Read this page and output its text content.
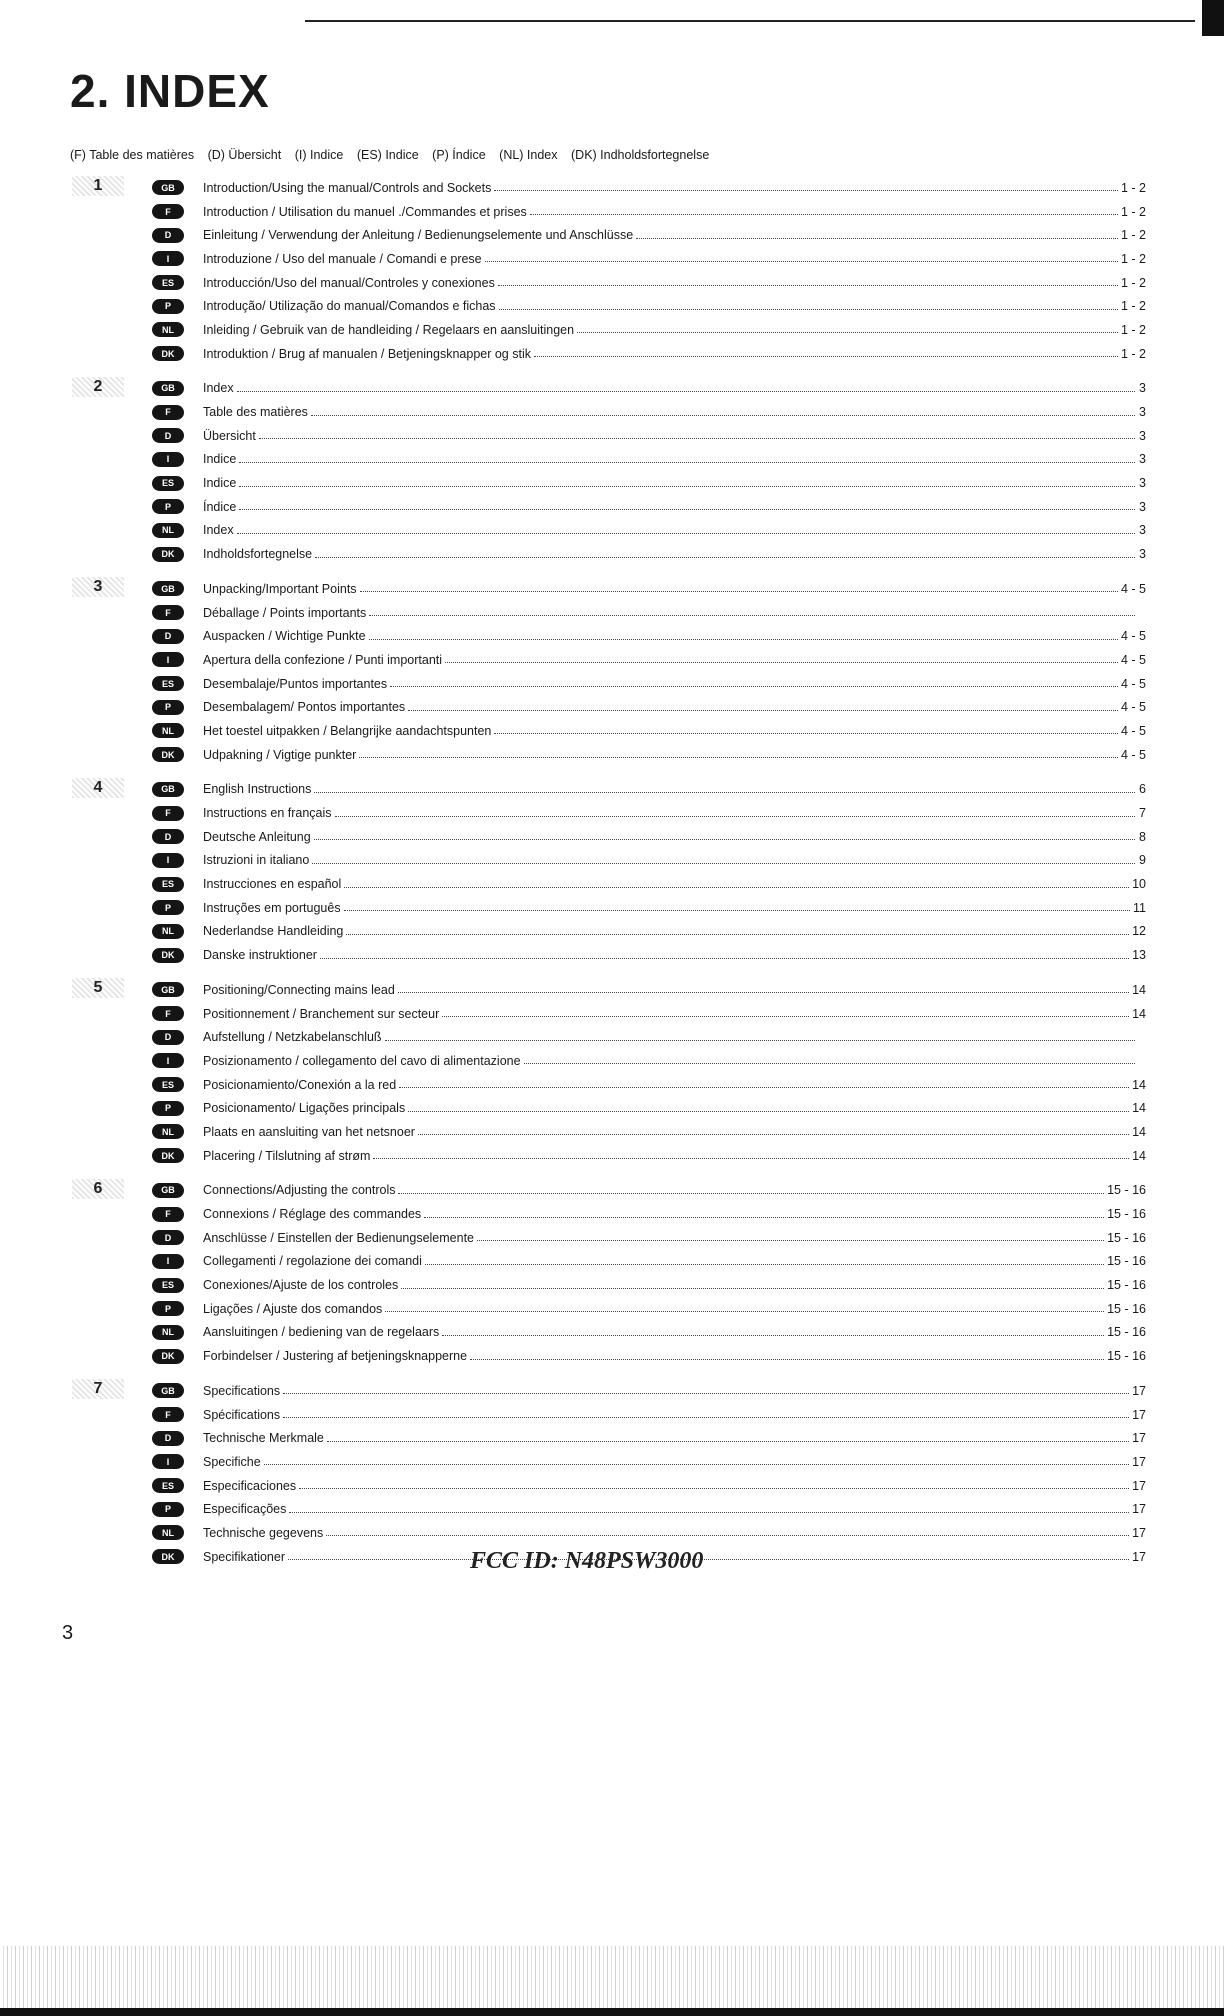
2. INDEX
(F) Table des matières (D) Übersicht (I) Indice (ES) Indice (P) Índice (NL) Index (DK) Indholdsfortegnelse
1	GB	Introduction/Using the manual/Controls and Sockets	1 - 2
F	Introduction / Utilisation du manuel ./Commandes et prises	1 - 2
D	Einleitung / Verwendung der Anleitung / Bedienungselemente und Anschlüsse	1 - 2
I	Introduzione / Uso del manuale / Comandi e prese	1 - 2
ES	Introducción/Uso del manual/Controles y conexiones	1 - 2
P	Introdução/ Utilização do manual/Comandos e fichas	1 - 2
NL	Inleiding / Gebruik van de handleiding / Regelaars en aansluitingen	1 - 2
DK	Introduktion / Brug af manualen / Betjeningsknapper og stik	1 - 2
2	GB	Index	3
F	Table des matières	3
D	Übersicht	3
I	Indice	3
ES	Indice	3
P	Índice	3
NL	Index	3
DK	Indholdsfortegnelse	3
3	GB	Unpacking/Important Points	4 - 5
F	Déballage / Points importants
D	Auspacken / Wichtige Punkte	4 - 5
I	Apertura della confezione / Punti importanti	4 - 5
ES	Desembalaje/Puntos importantes	4 - 5
P	Desembalagem/ Pontos importantes	4 - 5
NL	Het toestel uitpakken / Belangrijke aandachtspunten	4 - 5
DK	Udpakning / Vigtige punkter	4 - 5
4	GB	English Instructions	6
F	Instructions en français	7
D	Deutsche Anleitung	8
I	Istruzioni in italiano	9
ES	Instrucciones en español	10
P	Instruções em português	11
NL	Nederlandse Handleiding	12
DK	Danske instruktioner	13
5	GB	Positioning/Connecting mains lead	14
F	Positionnement / Branchement sur secteur	14
D	Aufstellung / Netzkabelanschluß
I	Posizionamento / collegamento del cavo di alimentazione
ES	Posicionamiento/Conexión a la red	14
P	Posicionamento/ Ligações principals	14
NL	Plaats en aansluiting van het netsnoer	14
DK	Placering / Tilslutning af strøm	14
6	GB	Connections/Adjusting the controls	15 - 16
F	Connexions / Réglage des commandes	15 - 16
D	Anschlüsse / Einstellen der Bedienungselemente	15 - 16
I	Collegamenti / regolazione dei comandi	15 - 16
ES	Conexiones/Ajuste de los controles	15 - 16
P	Ligações / Ajuste dos comandos	15 - 16
NL	Aansluitingen / bediening van de regelaars	15 - 16
DK	Forbindelser / Justering af betjeningsknapperne	15 - 16
7	GB	Specifications	17
F	Spécifications	17
D	Technische Merkmale	17
I	Specifiche	17
ES	Especificaciones	17
P	Especificações	17
NL	Technische gegevens	17
DK	Specifikationer	17
FCC ID: N48PSW3000
3
